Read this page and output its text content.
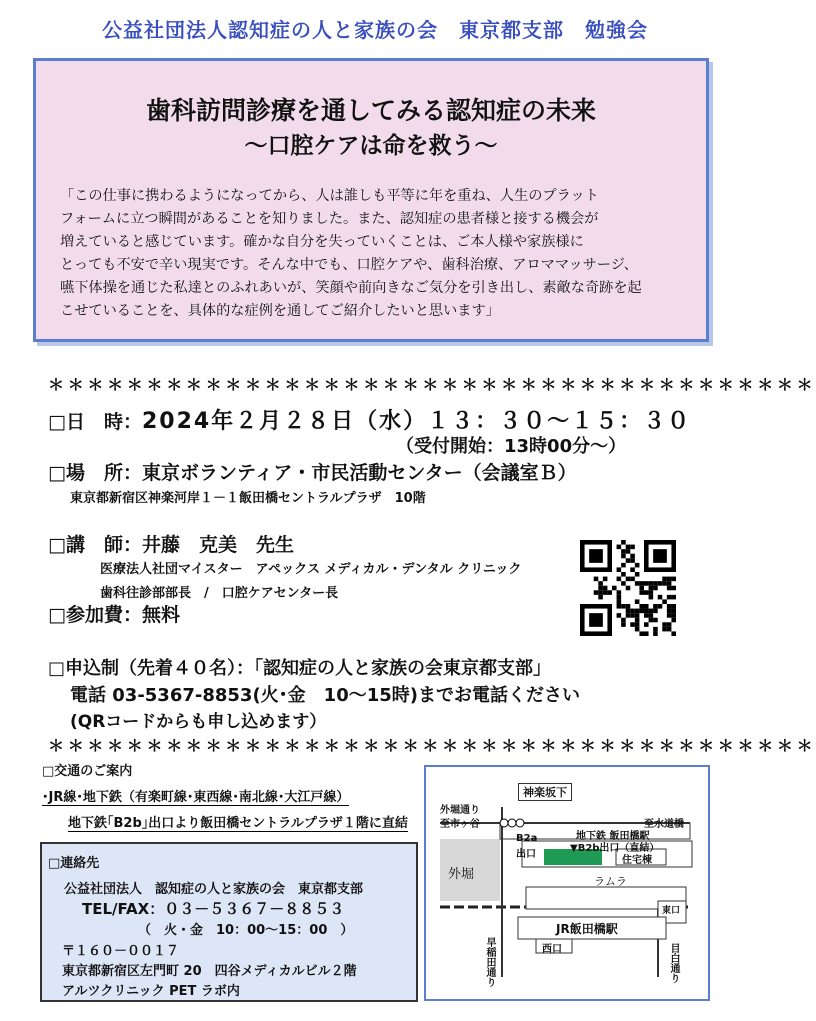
公益社団法人認知症の人と家族の会　東京都支部　勉強会
歯科訪問診療を通してみる認知症の未来
～口腔ケアは命を救う～
「この仕事に携わるようになってから、人は誰しも平等に年を重ね、人生のプラット
フォームに立つ瞬間があることを知りました。また、認知症の患者様と接する機会が
増えていると感じています。確かな自分を失っていくことは、ご本人様や家族様に
とっても不安で辛い現実です。そんな中でも、口腔ケアや、歯科治療、アロママッサージ、
嚥下体操を通じた私達とのふれあいが、笑顔や前向きなご気分を引き出し、素敵な奇跡を起
こせていることを、具体的な症例を通してご紹介したいと思います」
＊＊＊＊＊＊＊＊＊＊＊＊＊＊＊＊＊＊＊＊＊＊＊＊＊＊＊＊＊＊＊＊＊＊＊＊＊＊＊
□日　時：2024年２月２８日（水）１３：３０～１５：３０
（受付開始：13時00分～）
□場　所：東京ボランティア・市民活動センター（会議室Ｂ）
東京都新宿区神楽河岸１－１飯田橋セントラルプラザ　10階
□講　師：井藤　克美　先生
医療法人社団マイスター　アペックス メディカル・デンタル クリニック
歯科往診部部長　/　口腔ケアセンター長
□参加費：無料
□申込制（先着４０名）：「認知症の人と家族の会東京都支部」
電話 03-5367-8853(火･金　10～15時)までお電話ください
(QRコードからも申し込めます）
＊＊＊＊＊＊＊＊＊＊＊＊＊＊＊＊＊＊＊＊＊＊＊＊＊＊＊＊＊＊＊＊＊＊＊＊＊＊＊
□交通のご案内
･JR線･地下鉄（有楽町線･東西線･南北線･大江戸線）
地下鉄｢B2b｣出口より飯田橋セントラルプラザ１階に直結
□連絡先
公益社団法人　認知症の人と家族の会　東京都支部
TEL/FAX：０３－５３６７－８８５３
（　火・金　10：00～15：00　）
〒１６０－００１７
東京都新宿区左門町 20　四谷メディカルビル２階
アルツクリニック PET ラボ内
神楽坂下
外堀通り
至市ヶ谷	至水道橋
B2a
出口
地下鉄 飯田橋駅
▼B2b出口（直結）
住宅棟
外堀	ラムラ
JR飯田橋駅
東口
西口
早稲田通り	目白通り
